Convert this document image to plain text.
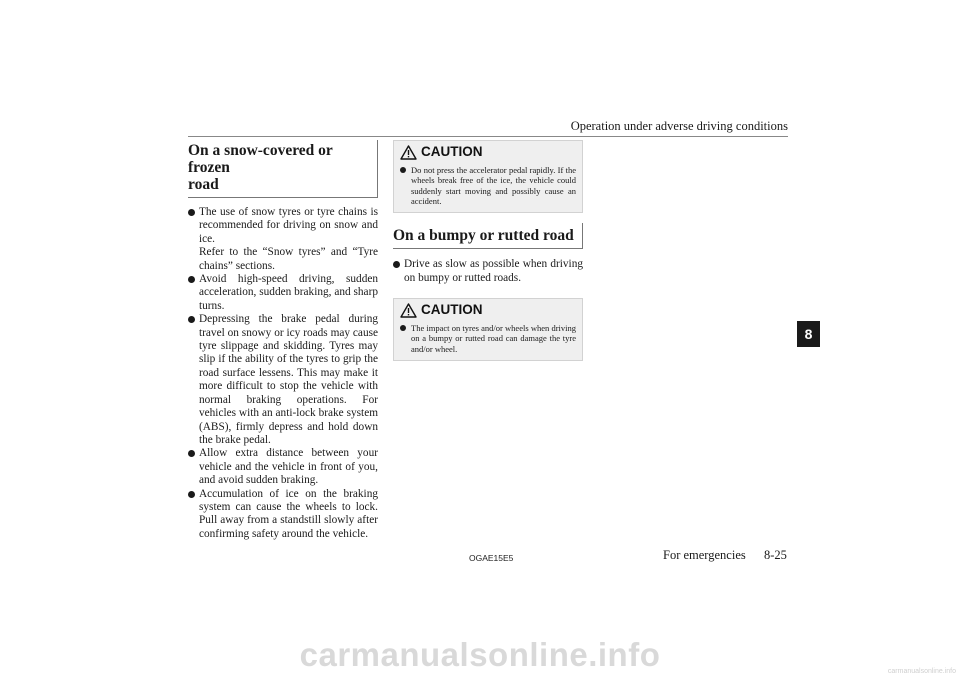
Operation under adverse driving conditions
On a snow-covered or frozen
road
The use of snow tyres or tyre chains is recommended for driving on snow and ice.
Refer to the “Snow tyres” and “Tyre chains” sections.
Avoid high-speed driving, sudden acceleration, sudden braking, and sharp turns.
Depressing the brake pedal during travel on snowy or icy roads may cause tyre slippage and skidding. Tyres may slip if the ability of the tyres to grip the road surface lessens. This may make it more difficult to stop the vehicle with normal braking operations. For vehicles with an anti-lock brake system (ABS), firmly depress and hold down the brake pedal.
Allow extra distance between your vehicle and the vehicle in front of you, and avoid sudden braking.
Accumulation of ice on the braking system can cause the wheels to lock. Pull away from a standstill slowly after confirming safety around the vehicle.
CAUTION
Do not press the accelerator pedal rapidly. If the wheels break free of the ice, the vehicle could suddenly start moving and possibly cause an accident.
On a bumpy or rutted road
Drive as slow as possible when driving on bumpy or rutted roads.
CAUTION
The impact on tyres and/or wheels when driving on a bumpy or rutted road can damage the tyre and/or wheel.
8
OGAE15E5	For emergencies 8-25
carmanualsonline.info	carmanualsonline.info
